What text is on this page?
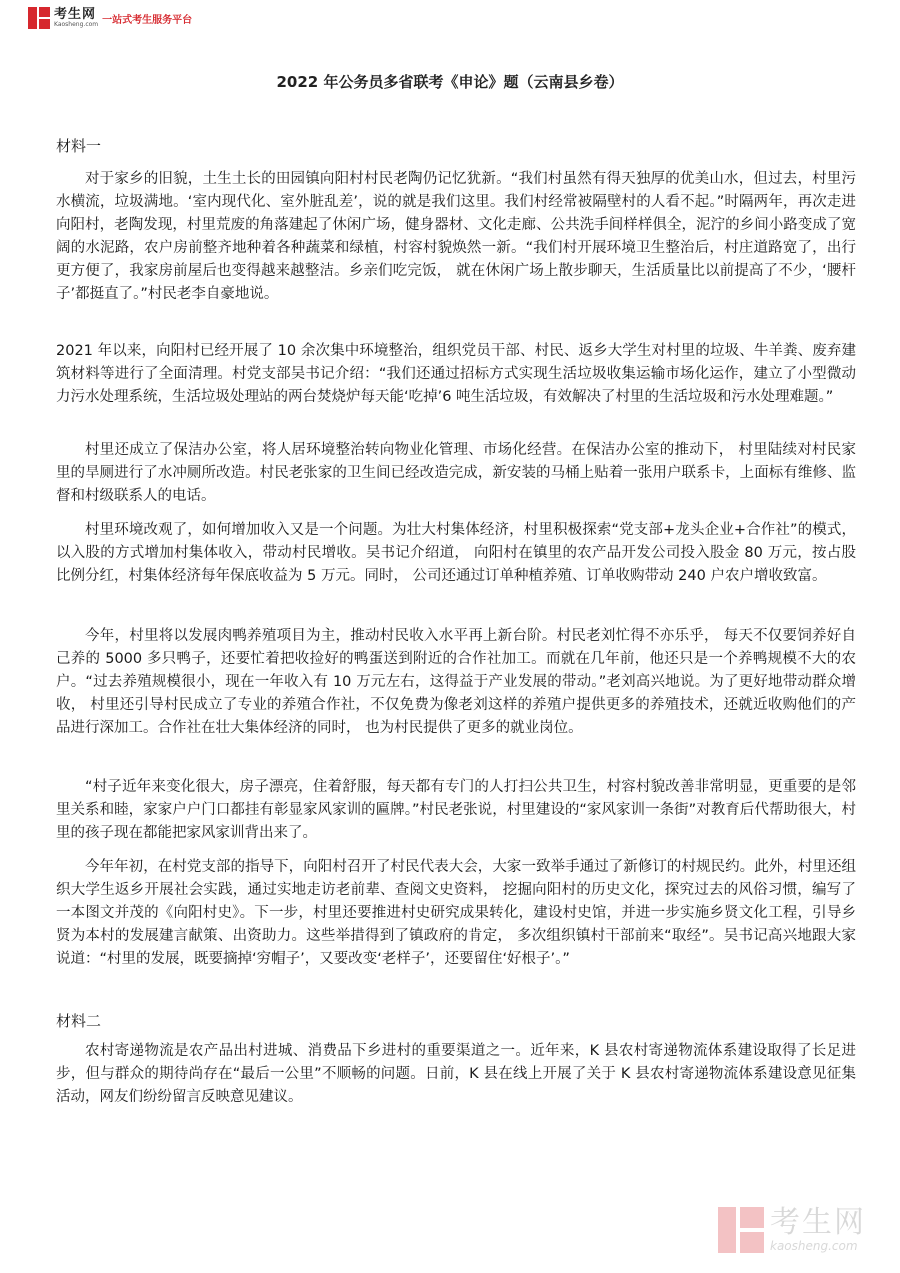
考生网
Kaosheng.com 一站式考生服务平台
2022 年公务员多省联考《申论》题（云南县乡卷）
材料一

对于家乡的旧貌，土生土长的田园镇向阳村村民老陶仍记忆犹新。“我们村虽然有得天独厚的优美山水，但过去，村里污水横流，垃圾满地。‘室内现代化、室外脏乱差’，说的就是我们这里。我们村经常被隔壁村的人看不起。”时隔两年，再次走进向阳村，老陶发现，村里荒废的角落建起了休闲广场，健身器材、文化走廊、公共洗手间样样俱全，泥泞的乡间小路变成了宽阔的水泥路，农户房前整齐地种着各种蔬菜和绿植，村容村貌焕然一新。“我们村开展环境卫生整治后，村庄道路宽了，出行更方便了，我家房前屋后也变得越来越整洁。乡亲们吃完饭， 就在休闲广场上散步聊天，生活质量比以前提高了不少，‘腰杆子’都挺直了。”村民老李自豪地说。

2021 年以来，向阳村已经开展了 10 余次集中环境整治，组织党员干部、村民、返乡大学生对村里的垃圾、牛羊粪、废弃建筑材料等进行了全面清理。村党支部吴书记介绍：“我们还通过招标方式实现生活垃圾收集运输市场化运作，建立了小型微动力污水处理系统，生活垃圾处理站的两台焚烧炉每天能‘吃掉’6 吨生活垃圾，有效解决了村里的生活垃圾和污水处理难题。”

村里还成立了保洁办公室，将人居环境整治转向物业化管理、市场化经营。在保洁办公室的推动下， 村里陆续对村民家里的旱厕进行了水冲厕所改造。村民老张家的卫生间已经改造完成，新安装的马桶上贴着一张用户联系卡，上面标有维修、监督和村级联系人的电话。

村里环境改观了，如何增加收入又是一个问题。为壮大村集体经济，村里积极探索“党支部+龙头企业+合作社”的模式，以入股的方式增加村集体收入，带动村民增收。吴书记介绍道， 向阳村在镇里的农产品开发公司投入股金 80 万元，按占股比例分红，村集体经济每年保底收益为 5 万元。同时， 公司还通过订单种植养殖、订单收购带动 240 户农户增收致富。

今年，村里将以发展肉鸭养殖项目为主，推动村民收入水平再上新台阶。村民老刘忙得不亦乐乎， 每天不仅要饲养好自己养的 5000 多只鸭子，还要忙着把收捡好的鸭蛋送到附近的合作社加工。而就在几年前，他还只是一个养鸭规模不大的农户。“过去养殖规模很小，现在一年收入有 10 万元左右，这得益于产业发展的带动。”老刘高兴地说。为了更好地带动群众增收， 村里还引导村民成立了专业的养殖合作社，不仅免费为像老刘这样的养殖户提供更多的养殖技术，还就近收购他们的产品进行深加工。合作社在壮大集体经济的同时， 也为村民提供了更多的就业岗位。

“村子近年来变化很大，房子漂亮，住着舒服，每天都有专门的人打扫公共卫生，村容村貌改善非常明显，更重要的是邻里关系和睦，家家户户门口都挂有彰显家风家训的匾牌。”村民老张说，村里建设的“家风家训一条街”对教育后代帮助很大，村里的孩子现在都能把家风家训背出来了。

今年年初，在村党支部的指导下，向阳村召开了村民代表大会，大家一致举手通过了新修订的村规民约。此外，村里还组织大学生返乡开展社会实践，通过实地走访老前辈、查阅文史资料， 挖掘向阳村的历史文化，探究过去的风俗习惯，编写了一本图文并茂的《向阳村史》。下一步，村里还要推进村史研究成果转化，建设村史馆，并进一步实施乡贤文化工程，引导乡贤为本村的发展建言献策、出资助力。这些举措得到了镇政府的肯定， 多次组织镇村干部前来“取经”。吴书记高兴地跟大家说道：“村里的发展，既要摘掉‘穷帽子’，又要改变‘老样子’，还要留住‘好根子’。”

材料二

农村寄递物流是农产品出村进城、消费品下乡进村的重要渠道之一。近年来，K 县农村寄递物流体系建设取得了长足进步，但与群众的期待尚存在“最后一公里”不顺畅的问题。日前，K 县在线上开展了关于 K 县农村寄递物流体系建设意见征集活动，网友们纷纷留言反映意见建议。

考生网
kaosheng.com
